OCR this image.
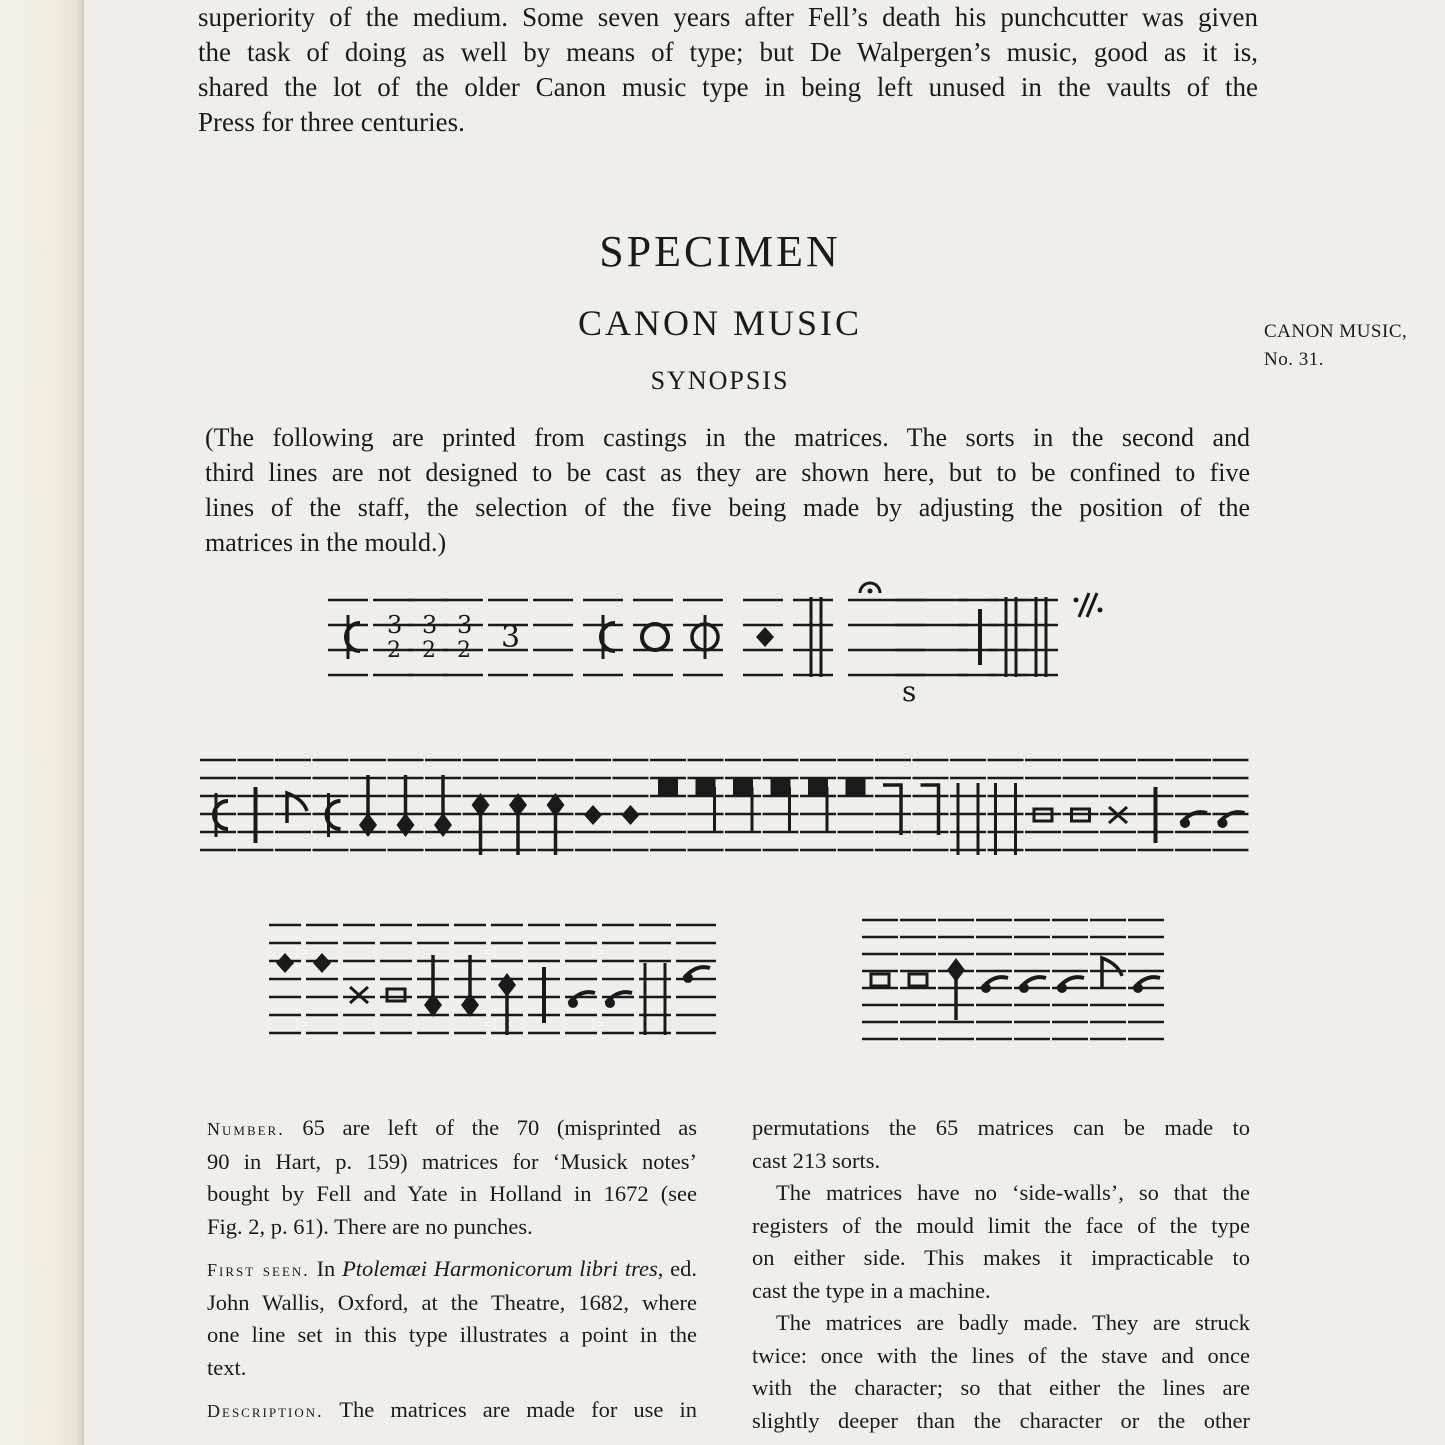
superiority of the medium. Some seven years after Fell’s death his punchcutter was given
the task of doing as well by means of type; but De Walpergen’s music, good as it is,
shared the lot of the older Canon music type in being left unused in the vaults of the
Press for three centuries.

SPECIMEN
CANON MUSIC
SYNOPSIS

CANON MUSIC,
No. 31.

(The following are printed from castings in the matrices. The sorts in the second and
third lines are not designed to be cast as they are shown here, but to be confined to five
lines of the staff, the selection of the five being made by adjusting the position of the
matrices in the mould.)

3
2
3
2
3
2 3
s
Number. 65 are left of the 70 (misprinted as
90 in Hart, p. 159) matrices for ‘Musick notes’
bought by Fell and Yate in Holland in 1672 (see
Fig. 2, p. 61). There are no punches.
First seen. In Ptolemæi Harmonicorum libri tres, ed.
John Wallis, Oxford, at the Theatre, 1682, where
one line set in this type illustrates a point in the
text.
Description. The matrices are made for use in
permutations the 65 matrices can be made to
cast 213 sorts.
The matrices have no ‘side-walls’, so that the
registers of the mould limit the face of the type
on either side. This makes it impracticable to
cast the type in a machine.
The matrices are badly made. They are struck
twice: once with the lines of the stave and once
with the character; so that either the lines are
slightly deeper than the character or the other
